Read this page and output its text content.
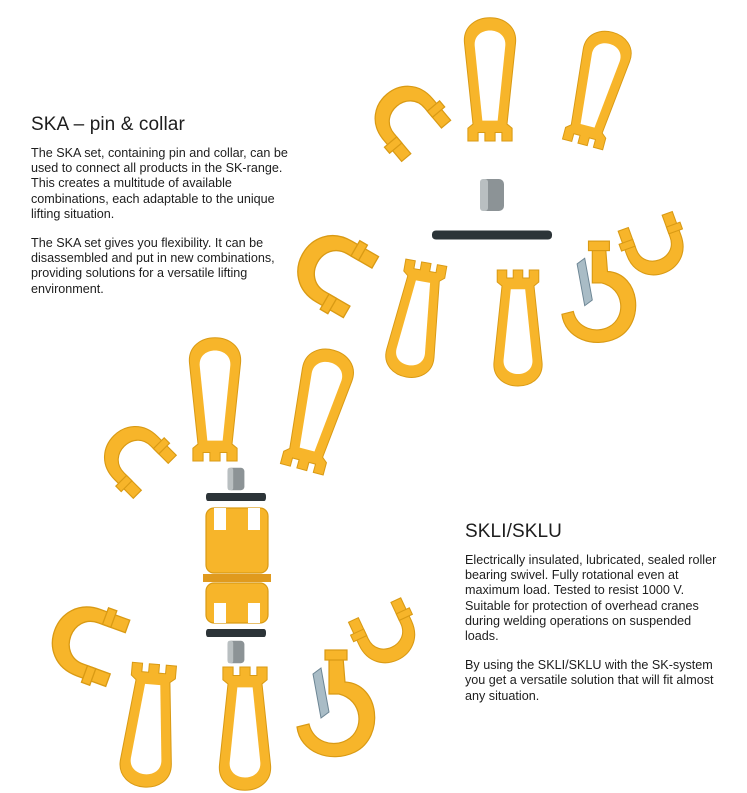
SKA – pin & collar

The SKA set, containing pin and collar, can be used to connect all products in the SK-range. This creates a multitude of available combinations, each adaptable to the unique lifting situation.

The SKA set gives you flexibility. It can be disassembled and put in new combinations, providing solutions for a versatile lifting environment.

SKLI/SKLU

Electrically insulated, lubricated, sealed roller bearing swivel. Fully rotational even at maximum load. Tested to resist 1000 V. Suitable for protection of overhead cranes during welding operations on suspended loads.

By using the SKLI/SKLU with the SK-system you get a versatile solution that will fit almost any situation.
